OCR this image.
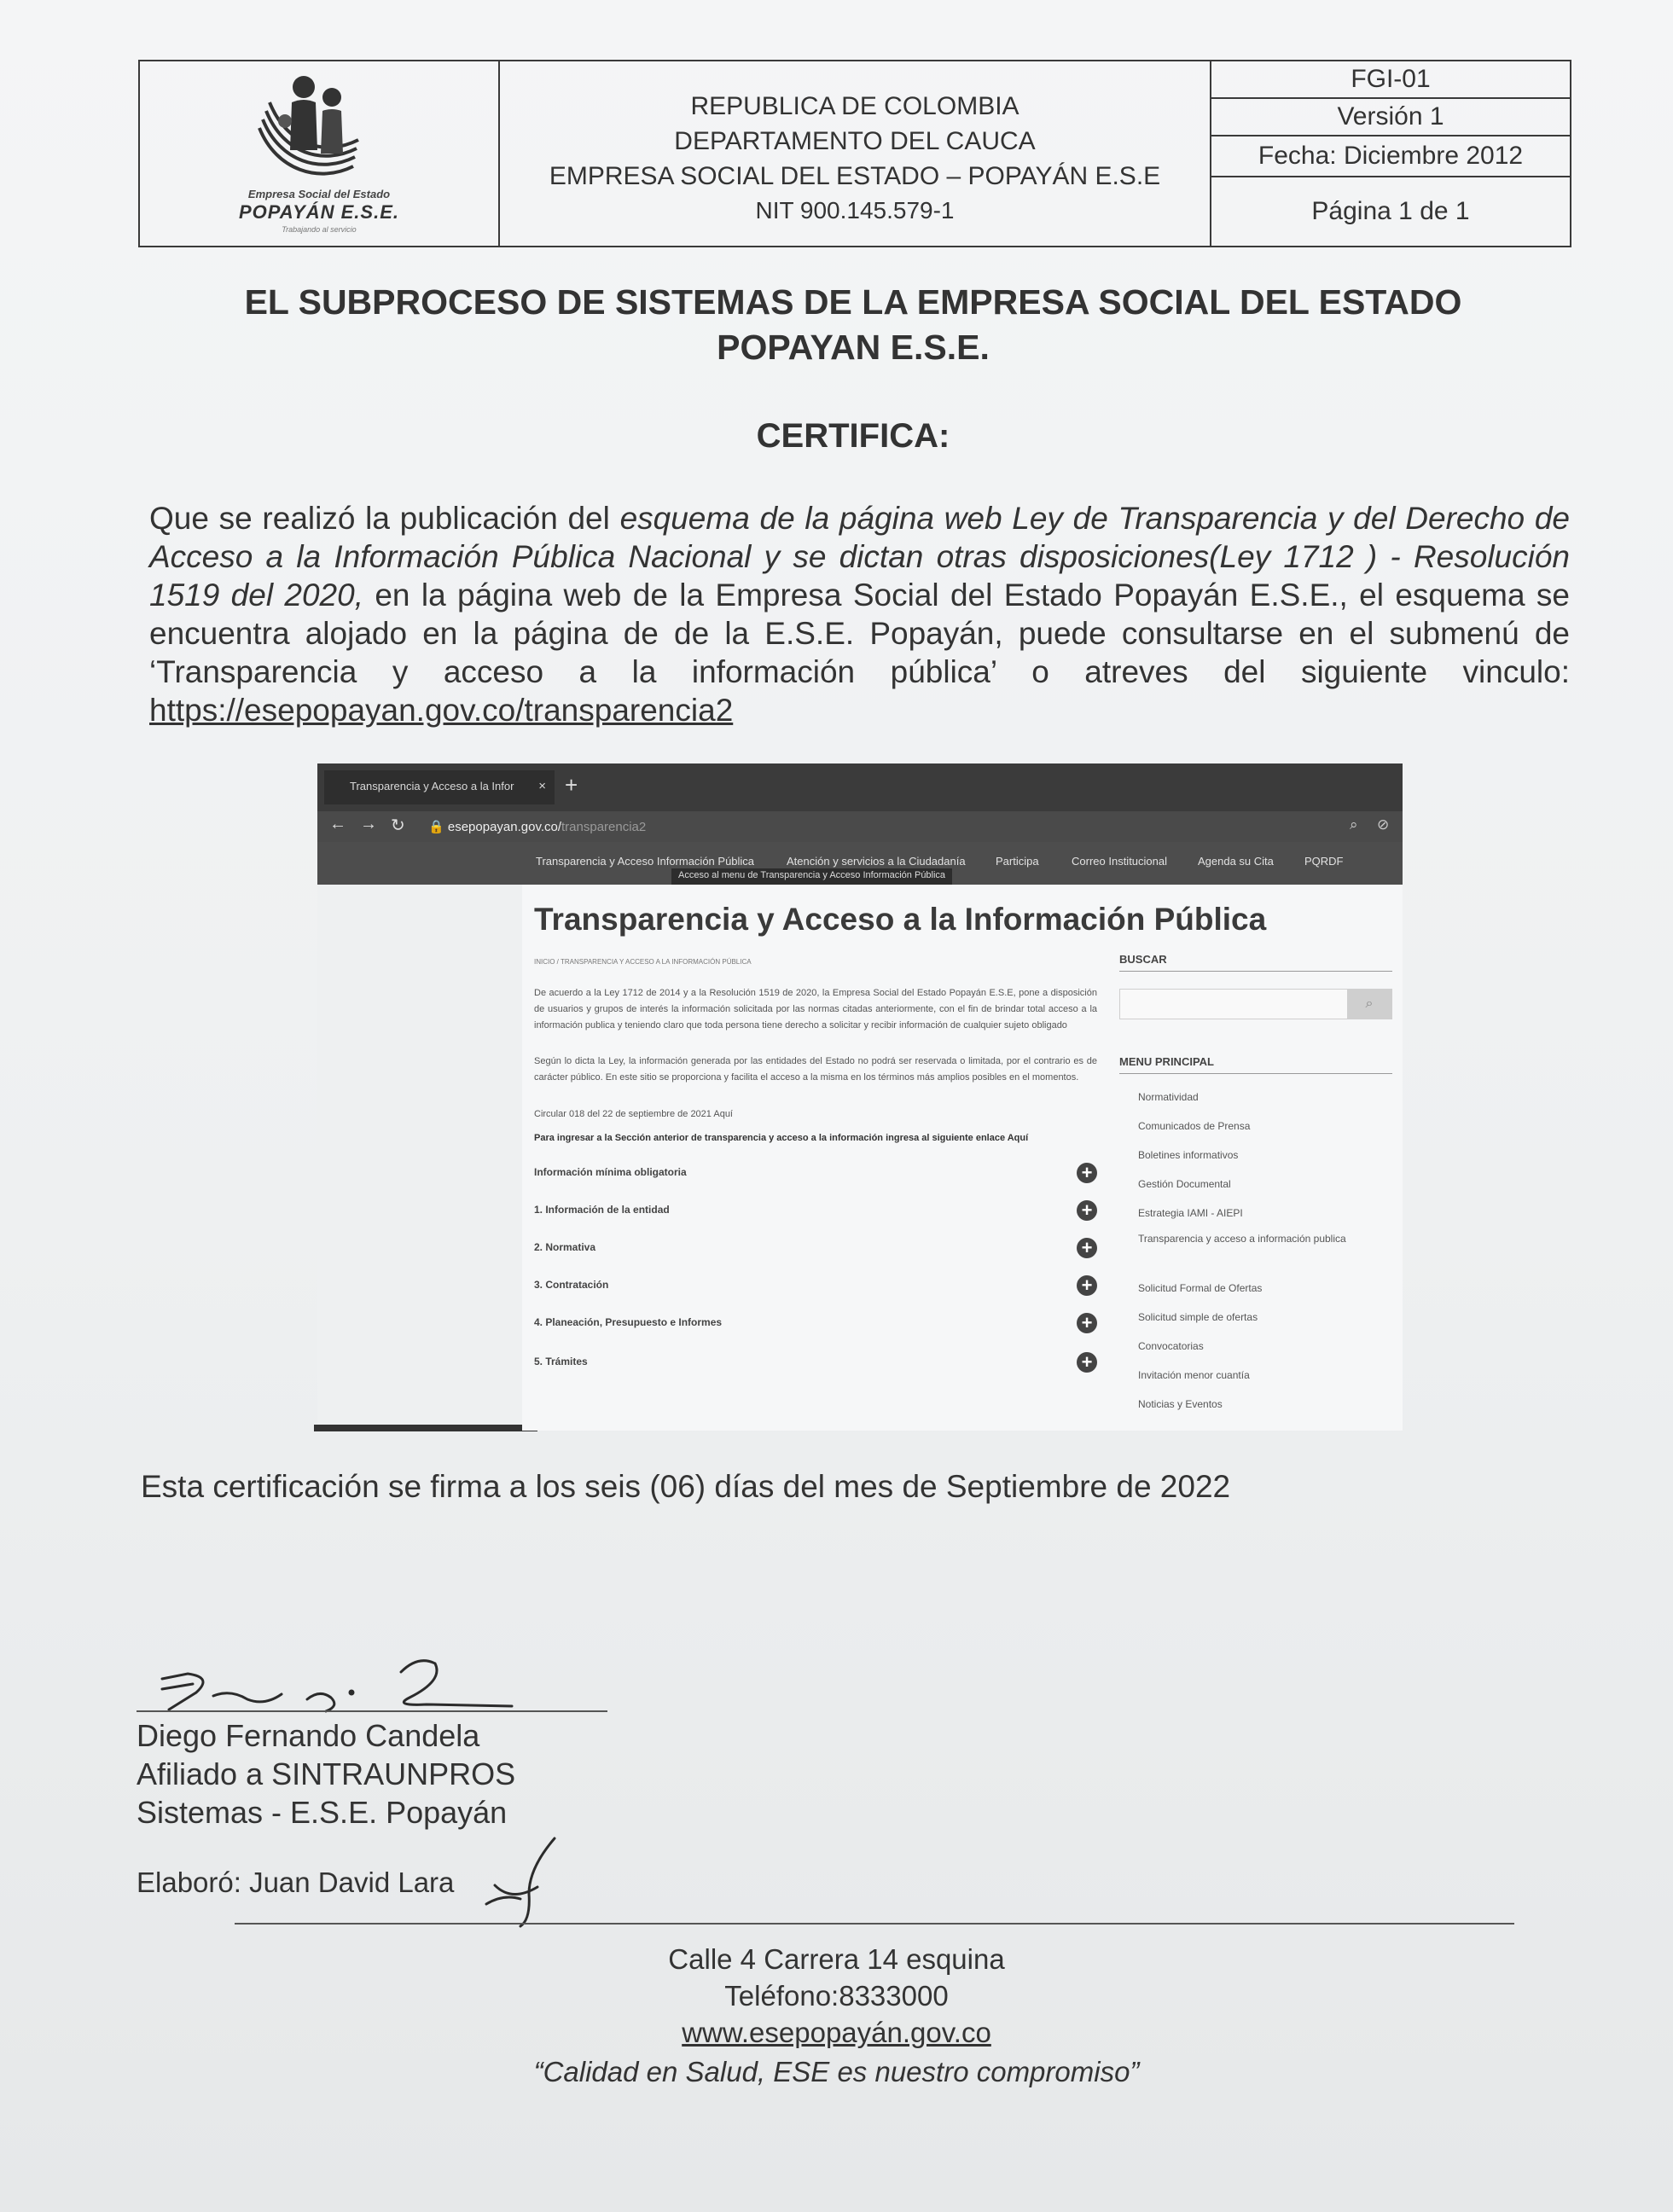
Empresa Social del Estado
POPAYÁN E.S.E.
Trabajando al servicio
REPUBLICA DE COLOMBIA
DEPARTAMENTO DEL CAUCA
EMPRESA SOCIAL DEL ESTADO – POPAYÁN E.S.E
NIT 900.145.579-1
FGI-01
Versión 1
Fecha: Diciembre 2012
Página 1 de 1
EL SUBPROCESO DE SISTEMAS DE LA EMPRESA SOCIAL DEL ESTADO
POPAYAN E.S.E.
CERTIFICA:
Que se realizó la publicación del esquema de la página web Ley de Transparencia y del Derecho de Acceso a la Información Pública Nacional y se dictan otras disposiciones(Ley 1712 ) - Resolución 1519 del 2020, en la página web de la Empresa Social del Estado Popayán E.S.E., el esquema se encuentra alojado en la página de de la E.S.E. Popayán, puede consultarse en el submenú de ‘Transparencia y acceso a la información pública’ o atreves del siguiente vinculo: https://esepopayan.gov.co/transparencia2
Transparencia y Acceso a la Infor × +
← → ↻ 🔒 esepopayan.gov.co/transparencia2	⌕ ⊘
Transparencia y Acceso Información Pública	Atención y servicios a la Ciudadanía	Participa	Correo Institucional	Agenda su Cita	PQRDF
Acceso al menu de Transparencia y Acceso Información Pública
Transparencia y Acceso a la Información Pública
INICIO / TRANSPARENCIA Y ACCESO A LA INFORMACIÓN PÚBLICA
De acuerdo a la Ley 1712 de 2014 y a la Resolución 1519 de 2020, la Empresa Social del Estado Popayán E.S.E, pone a disposición de usuarios y grupos de interés la información solicitada por las normas citadas anteriormente, con el fin de brindar total acceso a la información publica y teniendo claro que toda persona tiene derecho a solicitar y recibir información de cualquier sujeto obligado
Según lo dicta la Ley, la información generada por las entidades del Estado no podrá ser reservada o limitada, por el contrario es de carácter público. En este sitio se proporciona y facilita el acceso a la misma en los términos más amplios posibles en el momentos.
Circular 018 del 22 de septiembre de 2021 Aquí
Para ingresar a la Sección anterior de transparencia y acceso a la información ingresa al siguiente enlace Aquí
Información mínima obligatoria	+
1. Información de la entidad	+
2. Normativa	+
3. Contratación	+
4. Planeación, Presupuesto e Informes	+
5. Trámites	+
BUSCAR
⌕
MENU PRINCIPAL
Normatividad
Comunicados de Prensa
Boletines informativos
Gestión Documental
Estrategia IAMI - AIEPI
Transparencia y acceso a información publica
Solicitud Formal de Ofertas
Solicitud simple de ofertas
Convocatorias
Invitación menor cuantía
Noticias y Eventos
Esta certificación se firma a los seis (06) días del mes de Septiembre de 2022
Diego Fernando Candela
Afiliado a SINTRAUNPROS
Sistemas - E.S.E. Popayán
Elaboró: Juan David Lara
Calle 4 Carrera 14 esquina
Teléfono:8333000
www.esepopayán.gov.co
“Calidad en Salud, ESE es nuestro compromiso”
